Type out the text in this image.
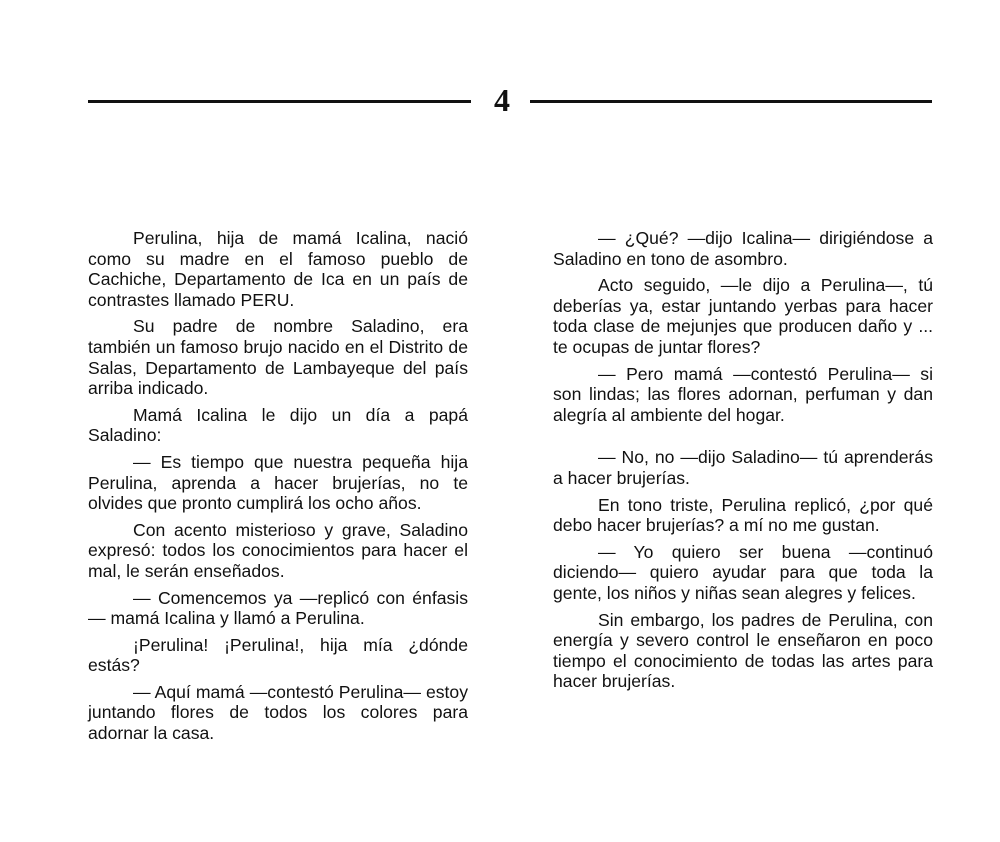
4

Perulina, hija de mamá Icalina, nació como su madre en el famoso pueblo de Cachiche, Departamento de Ica en un país de contrastes llamado PERU.

Su padre de nombre Saladino, era también un famoso brujo nacido en el Distrito de Salas, Departamento de Lambayeque del país arriba indicado.

Mamá Icalina le dijo un día a papá Saladino:

— Es tiempo que nuestra pequeña hija Perulina, aprenda a hacer brujerías, no te olvides que pronto cumplirá los ocho años.

Con acento misterioso y grave, Saladino expresó: todos los conocimientos para hacer el mal, le serán enseñados.

— Comencemos ya —replicó con énfasis— mamá Icalina y llamó a Perulina.

¡Perulina! ¡Perulina!, hija mía ¿dónde estás?

— Aquí mamá —contestó Perulina— estoy juntando flores de todos los colores para adornar la casa.

— ¿Qué? —dijo Icalina— dirigiéndose a Saladino en tono de asombro.

Acto seguido, —le dijo a Perulina—, tú deberías ya, estar juntando yerbas para hacer toda clase de mejunjes que producen daño y ... te ocupas de juntar flores?

— Pero mamá —contestó Perulina— si son lindas; las flores adornan, perfuman y dan alegría al ambiente del hogar.

— No, no —dijo Saladino— tú aprenderás a hacer brujerías.

En tono triste, Perulina replicó, ¿por qué debo hacer brujerías? a mí no me gustan.

— Yo quiero ser buena —continuó diciendo— quiero ayudar para que toda la gente, los niños y niñas sean alegres y felices.

Sin embargo, los padres de Perulina, con energía y severo control le enseñaron en poco tiempo el conocimiento de todas las artes para hacer brujerías.
